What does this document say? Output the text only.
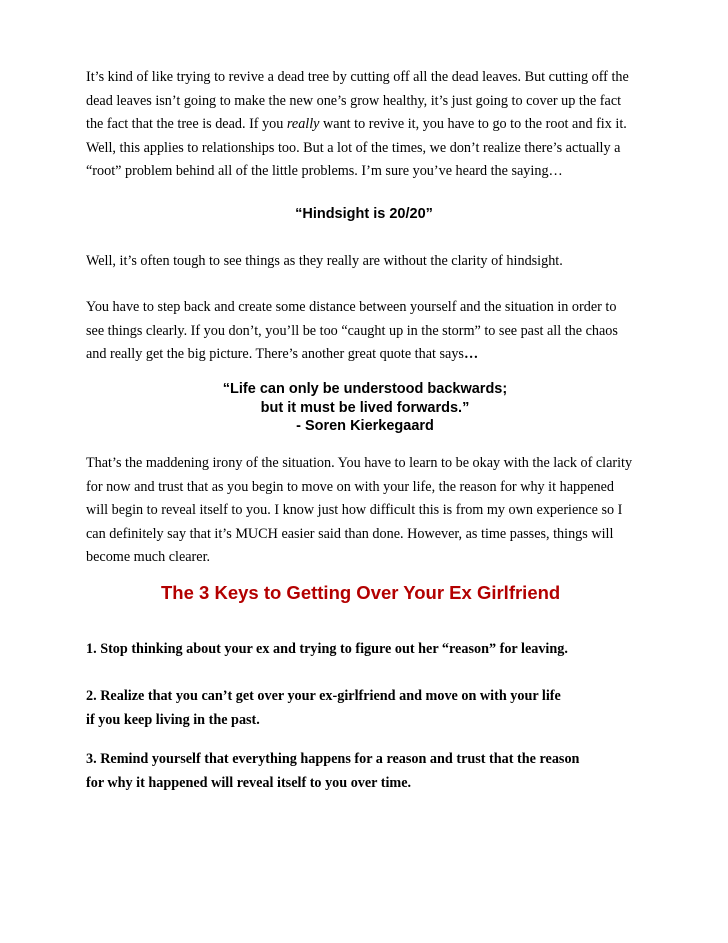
It’s kind of like trying to revive a dead tree by cutting off all the dead leaves. But cutting off the
dead leaves isn’t going to make the new one’s grow healthy, it’s just going to cover up the fact
the fact that the tree is dead. If you really want to revive it, you have to go to the root and fix it.
Well, this applies to relationships too. But a lot of the times, we don’t realize there’s actually a
“root” problem behind all of the little problems. I’m sure you’ve heard the saying…
“Hindsight is 20/20”
Well, it’s often tough to see things as they really are without the clarity of hindsight.
You have to step back and create some distance between yourself and the situation in order to
see things clearly. If you don’t, you’ll be too “caught up in the storm” to see past all the chaos
and really get the big picture. There’s another great quote that says…
“Life can only be understood backwards;
but it must be lived forwards.”
- Soren Kierkegaard
That’s the maddening irony of the situation. You have to learn to be okay with the lack of clarity
for now and trust that as you begin to move on with your life, the reason for why it happened
will begin to reveal itself to you. I know just how difficult this is from my own experience so I
can definitely say that it’s MUCH easier said than done. However, as time passes, things will
become much clearer.
The 3 Keys to Getting Over Your Ex Girlfriend
1. Stop thinking about your ex and trying to figure out her “reason” for leaving.
2. Realize that you can’t get over your ex-girlfriend and move on with your life
if you keep living in the past.
3. Remind yourself that everything happens for a reason and trust that the reason
for why it happened will reveal itself to you over time.
